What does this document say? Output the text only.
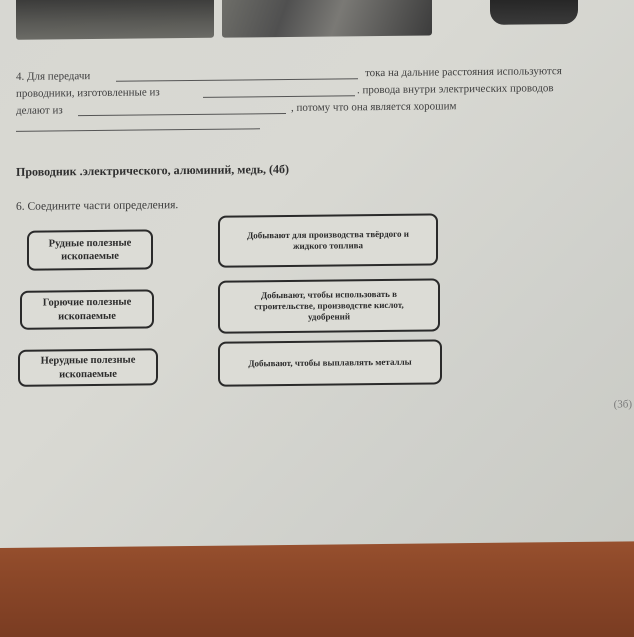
4. Для передачи	тока на дальние расстояния используются
проводники, изготовленные из	. провода внутри электрических проводов
делают из	, потому что она является хорошим
Проводник .электрического, алюминий, медь, (4б)
6. Соедините части определения.
Рудные полезные
ископаемые
Горючие полезные
ископаемые
Нерудные полезные
ископаемые
Добывают для производства твёрдого и
жидкого топлива
Добывают, чтобы использовать в
строительстве, производстве кислот,
удобрений
Добывают, чтобы выплавлять металлы
(3б)
